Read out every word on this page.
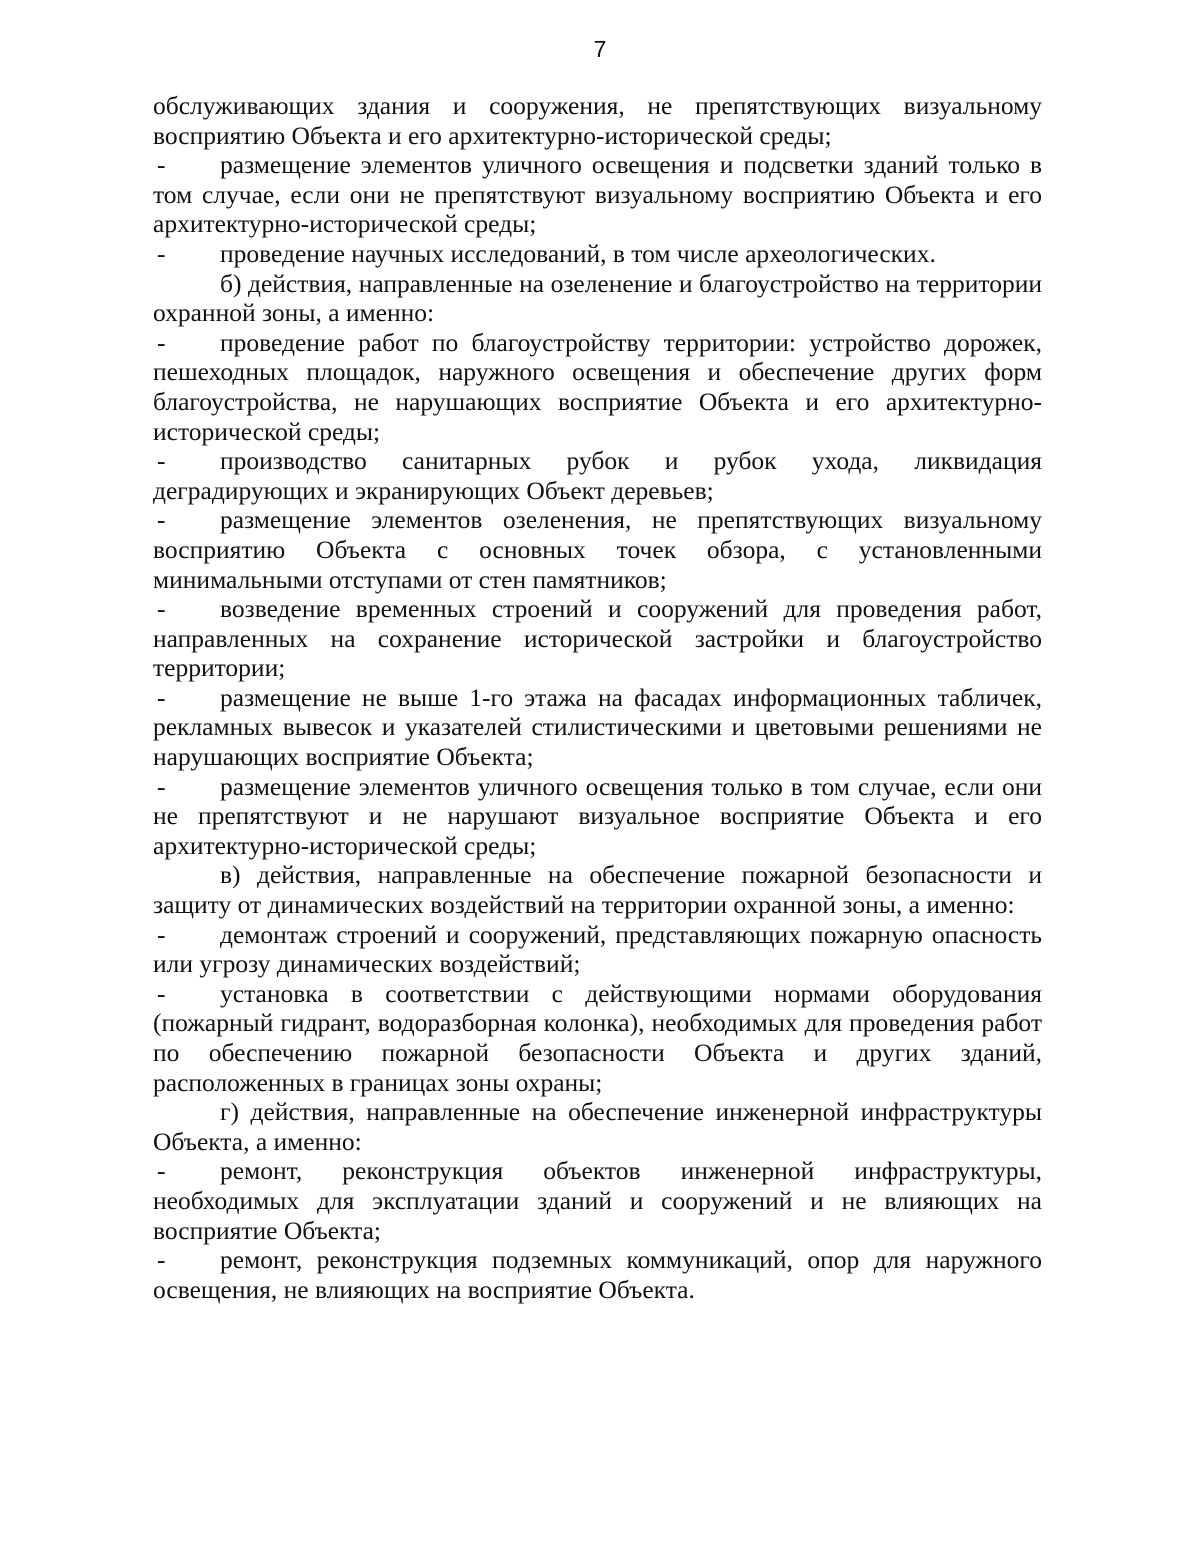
7

обслуживающих здания и сооружения, не препятствующих визуальному восприятию Объекта и его архитектурно-исторической среды;

- размещение элементов уличного освещения и подсветки зданий только в том случае, если они не препятствуют визуальному восприятию Объекта и его архитектурно-исторической среды;

- проведение научных исследований, в том числе археологических.

б) действия, направленные на озеленение и благоустройство на территории охранной зоны, а именно:

- проведение работ по благоустройству территории: устройство дорожек, пешеходных площадок, наружного освещения и обеспечение других форм благоустройства, не нарушающих восприятие Объекта и его архитектурно-исторической среды;

- производство санитарных рубок и рубок ухода, ликвидация деградирующих и экранирующих Объект деревьев;

- размещение элементов озеленения, не препятствующих визуальному восприятию Объекта с основных точек обзора, с установленными минимальными отступами от стен памятников;

- возведение временных строений и сооружений для проведения работ, направленных на сохранение исторической застройки и благоустройство территории;

- размещение не выше 1-го этажа на фасадах информационных табличек, рекламных вывесок и указателей стилистическими и цветовыми решениями не нарушающих восприятие Объекта;

- размещение элементов уличного освещения только в том случае, если они не препятствуют и не нарушают визуальное восприятие Объекта и его архитектурно-исторической среды;

в) действия, направленные на обеспечение пожарной безопасности и защиту от динамических воздействий на территории охранной зоны, а именно:

- демонтаж строений и сооружений, представляющих пожарную опасность или угрозу динамических воздействий;

- установка в соответствии с действующими нормами оборудования (пожарный гидрант, водоразборная колонка), необходимых для проведения работ по обеспечению пожарной безопасности Объекта и других зданий, расположенных в границах зоны охраны;

г) действия, направленные на обеспечение инженерной инфраструктуры Объекта, а именно:

- ремонт, реконструкция объектов инженерной инфраструктуры, необходимых для эксплуатации зданий и сооружений и не влияющих на восприятие Объекта;

- ремонт, реконструкция подземных коммуникаций, опор для наружного освещения, не влияющих на восприятие Объекта.
